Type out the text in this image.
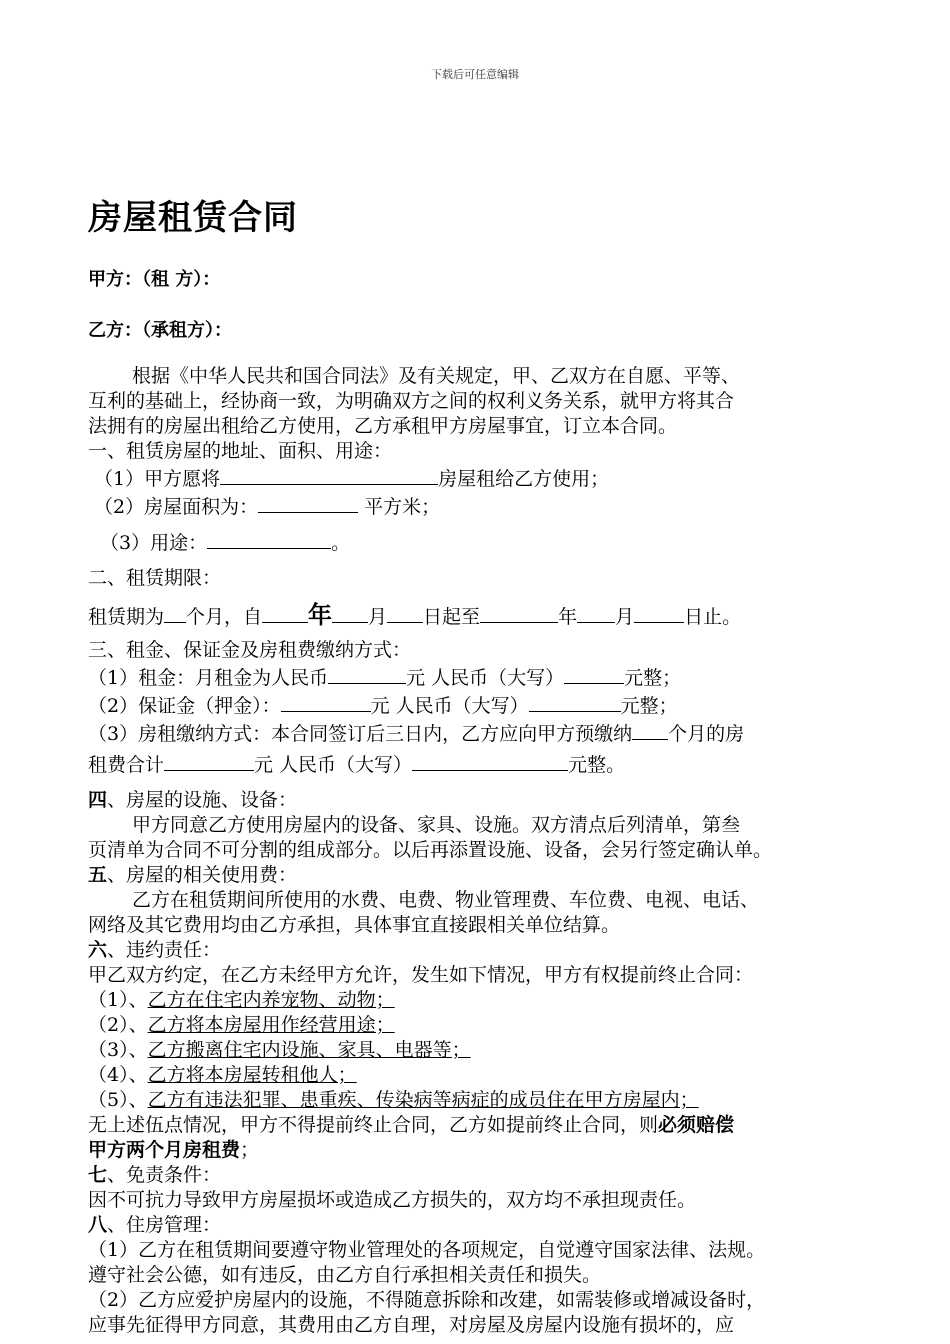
下载后可任意编辑
房屋租赁合同
甲方：（租 方）：
乙方：（承租方）：
根据《中华人民共和国合同法》及有关规定，甲、乙双方在自愿、平等、
互利的基础上，经协商一致，为明确双方之间的权利义务关系，就甲方将其合
法拥有的房屋出租给乙方使用，乙方承租甲方房屋事宜，订立本合同。
一、租赁房屋的地址、面积、用途：
（1）甲方愿将	房屋租给乙方使用；
（2）房屋面积为：	平方米；
（3）用途：	。
二、租赁期限：
租赁期为 个月，自 年 月 日起至	年 月	日止。
三、租金、保证金及房租费缴纳方式：
（1）租金：月租金为人民币	元 人民币（大写）	元整；
（2）保证金（押金）：	元 人民币（大写）	元整；
（3）房租缴纳方式：本合同签订后三日内，乙方应向甲方预缴纳 个月的房
租费合计	元 人民币（大写）	元整。
四、房屋的设施、设备：
甲方同意乙方使用房屋内的设备、家具、设施。双方清点后列清单，第叁
页清单为合同不可分割的组成部分。以后再添置设施、设备，会另行签定确认单。
五、房屋的相关使用费：
乙方在租赁期间所使用的水费、电费、物业管理费、车位费、电视、电话、
网络及其它费用均由乙方承担，具体事宜直接跟相关单位结算。
六、违约责任：
甲乙双方约定，在乙方未经甲方允许，发生如下情况，甲方有权提前终止合同：
（1）、乙方在住宅内养宠物、动物；
（2）、乙方将本房屋用作经营用途；
（3）、乙方搬离住宅内设施、家具、电器等；
（4）、乙方将本房屋转租他人；
（5）、乙方有违法犯罪、患重疾、传染病等病症的成员住在甲方房屋内；
无上述伍点情况，甲方不得提前终止合同，乙方如提前终止合同，则必须赔偿
甲方两个月房租费；
七、免责条件：
因不可抗力导致甲方房屋损坏或造成乙方损失的，双方均不承担现责任。
八、住房管理：
（1）乙方在租赁期间要遵守物业管理处的各项规定，自觉遵守国家法律、法规。
遵守社会公德，如有违反，由乙方自行承担相关责任和损失。
（2）乙方应爱护房屋内的设施，不得随意拆除和改建，如需装修或增减设备时，
应事先征得甲方同意，其费用由乙方自理，对房屋及房屋内设施有损坏的，应
